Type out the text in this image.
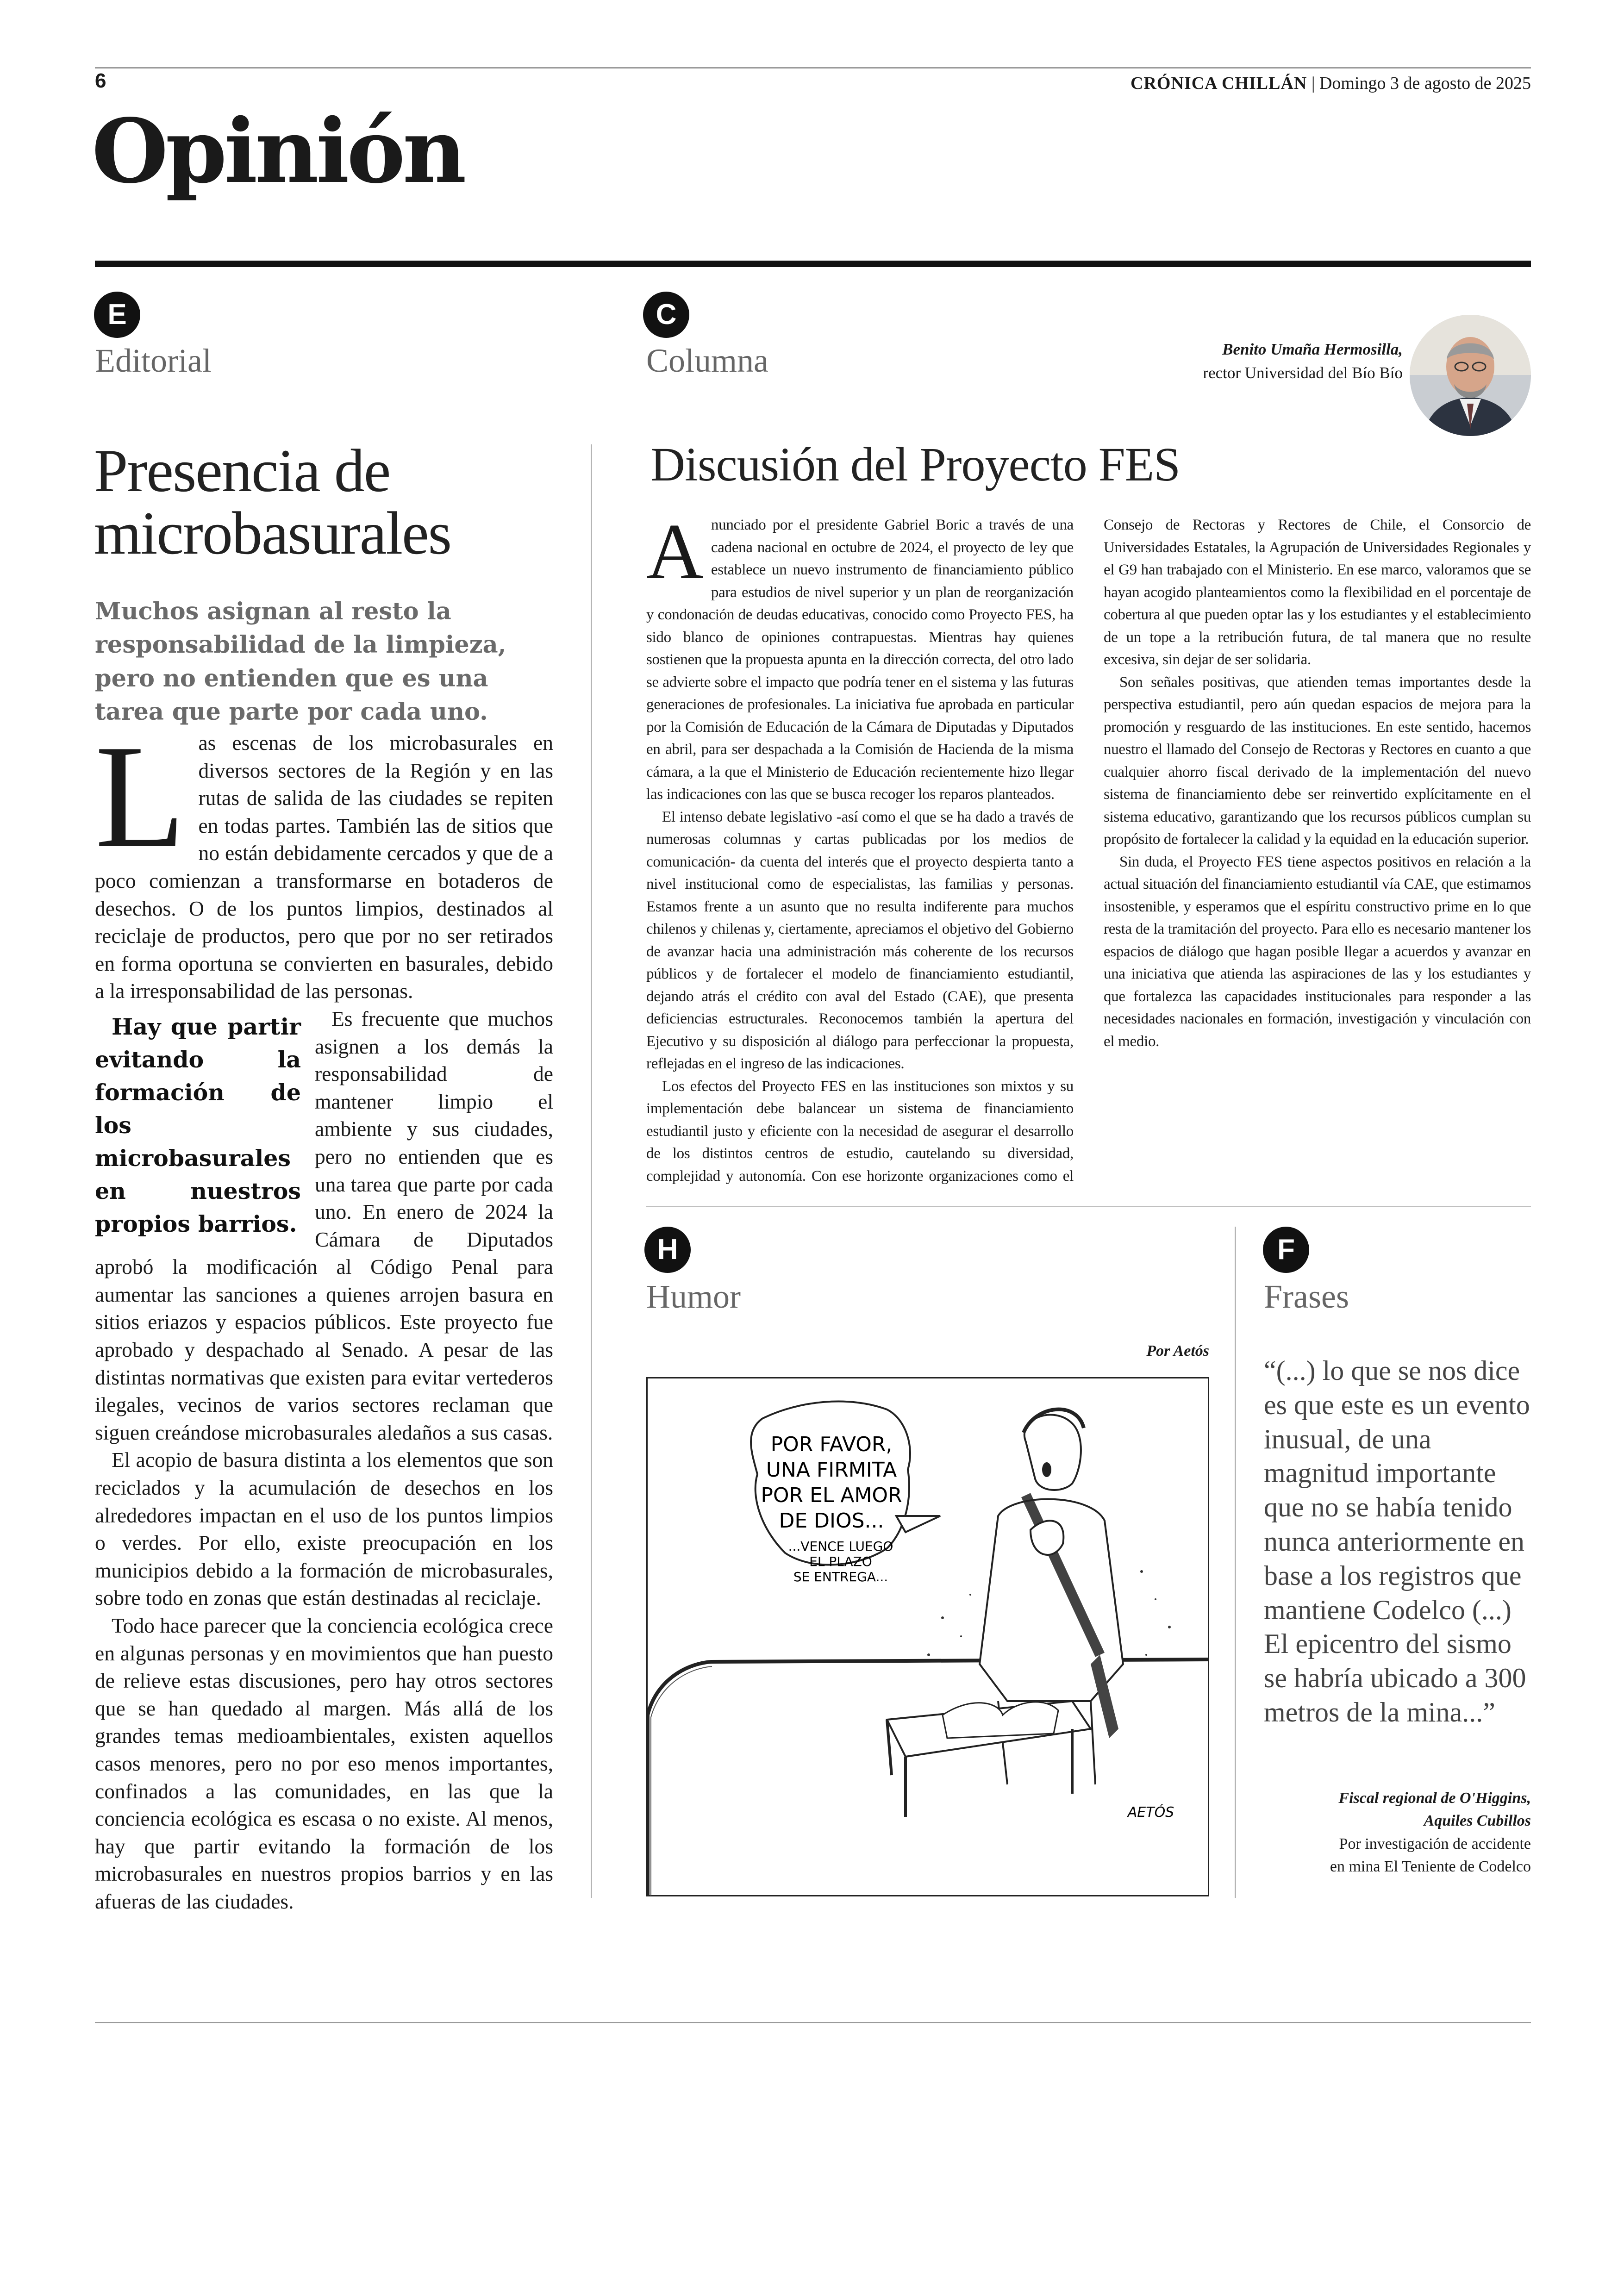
6	CRÓNICA CHILLÁN | Domingo 3 de agosto de 2025
Opinión
E
Editorial
Presencia de microbasurales
Muchos asignan al resto la responsabilidad de la limpieza, pero no entienden que es una tarea que parte por cada uno.

Las escenas de los microbasurales en diversos sectores de la Región y en las rutas de salida de las ciudades se repiten en todas partes. También las de sitios que no están debidamente cercados y que de a poco comienzan a transformarse en botaderos de desechos. O de los puntos limpios, destinados al reciclaje de productos, pero que por no ser retirados en forma oportuna se convierten en basurales, debido a la irresponsabilidad de las personas.

Hay que partir evitando la formación de los microbasurales en nuestros propios barrios.
Es frecuente que muchos asignen a los demás la responsabilidad de mantener limpio el ambiente y sus ciudades, pero no entienden que es una tarea que parte por cada uno. En enero de 2024 la Cámara de Diputados aprobó la modificación al Código Penal para aumentar las sanciones a quienes arrojen basura en sitios eriazos y espacios públicos. Este proyecto fue aprobado y despachado al Senado. A pesar de las distintas normativas que existen para evitar vertederos ilegales, vecinos de varios sectores reclaman que siguen creándose microbasurales aledaños a sus casas.

El acopio de basura distinta a los elementos que son reciclados y la acumulación de desechos en los alrededores impactan en el uso de los puntos limpios o verdes. Por ello, existe preocupación en los municipios debido a la formación de microbasurales, sobre todo en zonas que están destinadas al reciclaje.

Todo hace parecer que la conciencia ecológica crece en algunas personas y en movimientos que han puesto de relieve estas discusiones, pero hay otros sectores que se han quedado al margen. Más allá de los grandes temas medioambientales, existen aquellos casos menores, pero no por eso menos importantes, confinados a las comunidades, en las que la conciencia ecológica es escasa o no existe. Al menos, hay que partir evitando la formación de los microbasurales en nuestros propios barrios y en las afueras de las ciudades.

C
Columna	Benito Umaña Hermosilla,
rector Universidad del Bío Bío
Discusión del Proyecto FES

Anunciado por el presidente Gabriel Boric a través de una cadena nacional en octubre de 2024, el proyecto de ley que establece un nuevo instrumento de financiamiento público para estudios de nivel superior y un plan de reorganización y condonación de deudas educativas, conocido como Proyecto FES, ha sido blanco de opiniones contrapuestas. Mientras hay quienes sostienen que la propuesta apunta en la dirección correcta, del otro lado se advierte sobre el impacto que podría tener en el sistema y las futuras generaciones de profesionales. La iniciativa fue aprobada en particular por la Comisión de Educación de la Cámara de Diputadas y Diputados en abril, para ser despachada a la Comisión de Hacienda de la misma cámara, a la que el Ministerio de Educación recientemente hizo llegar las indicaciones con las que se busca recoger los reparos planteados.

El intenso debate legislativo -así como el que se ha dado a través de numerosas columnas y cartas publicadas por los medios de comunicación- da cuenta del interés que el proyecto despierta tanto a nivel institucional como de especialistas, las familias y personas. Estamos frente a un asunto que no resulta indiferente para muchos chilenos y chilenas y, ciertamente, apreciamos el objetivo del Gobierno de avanzar hacia una administración más coherente de los recursos públicos y de fortalecer el modelo de financiamiento estudiantil, dejando atrás el crédito con aval del Estado (CAE), que presenta deficiencias estructurales. Reconocemos también la apertura del Ejecutivo y su disposición al diálogo para perfeccionar la propuesta, reflejadas en el ingreso de las indicaciones.

Los efectos del Proyecto FES en las instituciones son mixtos y su implementación debe balancear un sistema de financiamiento estudiantil justo y eficiente con la necesidad de asegurar el desarrollo de los distintos centros de estudio, cautelando su diversidad, complejidad y autonomía. Con ese horizonte organizaciones como el Consejo de Rectoras y Rectores de Chile, el Consorcio de Universidades Estatales, la Agrupación de Universidades Regionales y el G9 han trabajado con el Ministerio. En ese marco, valoramos que se hayan acogido planteamientos como la flexibilidad en el porcentaje de cobertura al que pueden optar las y los estudiantes y el establecimiento de un tope a la retribución futura, de tal manera que no resulte excesiva, sin dejar de ser solidaria.

Son señales positivas, que atienden temas importantes desde la perspectiva estudiantil, pero aún quedan espacios de mejora para la promoción y resguardo de las instituciones. En este sentido, hacemos nuestro el llamado del Consejo de Rectoras y Rectores en cuanto a que cualquier ahorro fiscal derivado de la implementación del nuevo sistema de financiamiento debe ser reinvertido explícitamente en el sistema educativo, garantizando que los recursos públicos cumplan su propósito de fortalecer la calidad y la equidad en la educación superior.

Sin duda, el Proyecto FES tiene aspectos positivos en relación a la actual situación del financiamiento estudiantil vía CAE, que estimamos insostenible, y esperamos que el espíritu constructivo prime en lo que resta de la tramitación del proyecto. Para ello es necesario mantener los espacios de diálogo que hagan posible llegar a acuerdos y avanzar en una iniciativa que atienda las aspiraciones de las y los estudiantes y que fortalezca las capacidades institucionales para responder a las necesidades nacionales en formación, investigación y vinculación con el medio.

H
Humor
Por Aetós
POR FAVOR,
UNA FIRMITA
POR EL AMOR
DE DIOS...
...VENCE LUEGO
EL PLAZO
SE ENTREGA...
AETÓS
F
Frases
“(...) lo que se nos dice es que este es un evento inusual, de una magnitud importante que no se había tenido nunca anteriormente en base a los registros que mantiene Codelco (...) El epicentro del sismo se habría ubicado a 300 metros de la mina...”
Fiscal regional de O'Higgins,
Aquiles Cubillos
Por investigación de accidente
en mina El Teniente de Codelco
